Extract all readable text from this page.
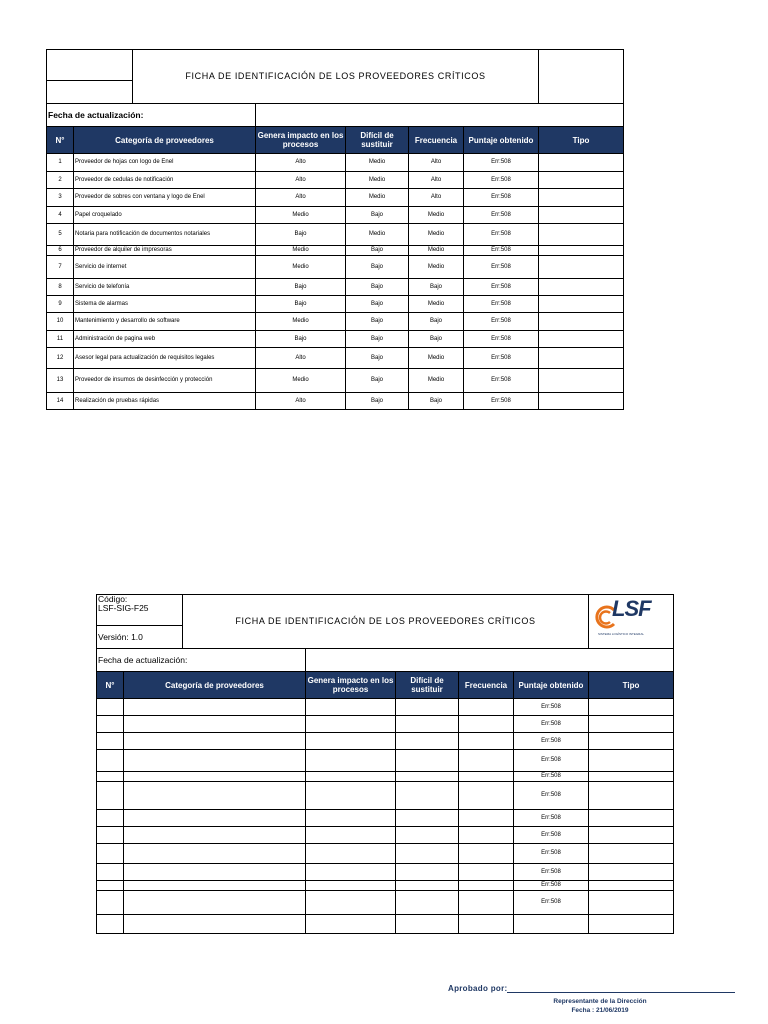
	FICHA DE IDENTIFICACIÓN DE LOS PROVEEDORES CRÍTICOS	

Fecha de actualización:	
N°	Categoría de proveedores	Genera impacto en los procesos	Difícil de sustituir	Frecuencia	Puntaje obtenido	Tipo
1	Proveedor de hojas con logo de Enel	Alto	Medio	Alto	Err:508	
2	Proveedor de cedulas de notificación	Alto	Medio	Alto	Err:508	
3	Proveedor de sobres con ventana y logo de Enel	Alto	Medio	Alto	Err:508	
4	Papel croquelado	Medio	Bajo	Medio	Err:508	
5	Notaria para notificación de documentos notariales	Bajo	Medio	Medio	Err:508	
6	Proveedor de alquiler de impresoras	Medio	Bajo	Medio	Err:508	
7	Servicio de internet	Medio	Bajo	Medio	Err:508	
8	Servicio de telefonía	Bajo	Bajo	Bajo	Err:508	
9	Sistema de alarmas	Bajo	Bajo	Medio	Err:508	
10	Mantenimiento y desarrollo de software	Medio	Bajo	Bajo	Err:508	
11	Administración de pagina web	Bajo	Bajo	Bajo	Err:508	
12	Asesor legal para actualización de requisitos legales	Alto	Bajo	Medio	Err:508	
13	Proveedor de insumos de desinfección y protección	Medio	Bajo	Medio	Err:508	
14	Realización de pruebas rápidas	Alto	Bajo	Bajo	Err:508	
Código:
LSF-SIG-F25
	FICHA DE IDENTIFICACIÓN DE LOS PROVEEDORES CRÍTICOS	LSF
SISTEMA LOGÍSTICO INTEGRAL

Versión: 1.0
Fecha de actualización:	
N°	Categoría de proveedores	Genera impacto en los procesos	Difícil de sustituir	Frecuencia	Puntaje obtenido	Tipo
					Err:508	
					Err:508	
					Err:508	
					Err:508	
					Err:508	
					Err:508	
					Err:508	
					Err:508	
					Err:508	
					Err:508	
					Err:508	
					Err:508	

Aprobado por:
Representante de la Dirección
Fecha : 21/06/2019
